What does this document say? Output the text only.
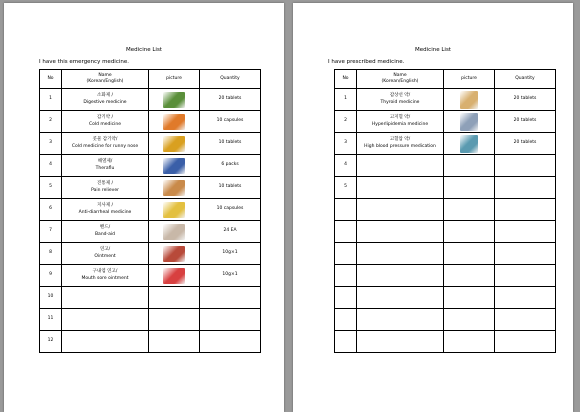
Medicine List
I have this emergency medicine.
No	Name
(Korean/English)	picture	Quantity
1	소화제 /
Digestive medicine		20 tablets
2	감기약 /
Cold medicine		10 capsules
3	콧물 감기약/
Cold medicine for runny nose		10 tablets
4	해열제/
Theraflu		6 packs
5	진통제 /
Pain reliever		10 tablets
6	지사제 /
Anti-diarrheal medicine		10 capsules
7	밴드/
Band-aid		24 EA
8	연고/
Ointment		10g×1
9	구내염 연고/
Mouth sore ointment		10g×1
10	

11	

12	

Medicine List
I have prescribed medicine.
No	Name
(Korean/English)	picture	Quantity
1	갑상선 약/
Thyroid medicine		20 tablets
2	고지혈 약/
Hyperlipidemia medicine		20 tablets
3	고혈압 약/
High blood pressure medication		20 tablets
4	

5	
